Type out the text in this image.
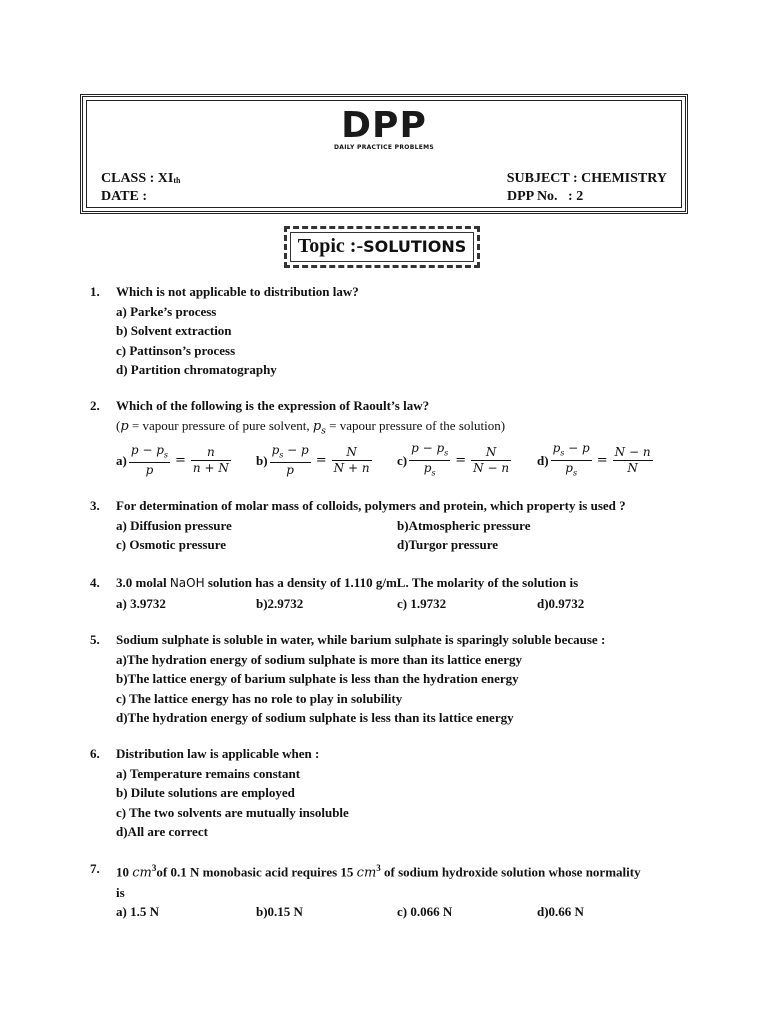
DPP
DAILY PRACTICE PROBLEMS
CLASS : $XI_{th}$
DATE :
SUBJECT : CHEMISTRY
DPP No.   : 2
Topic :-SOLUTIONS
1.	Which is not applicable to distribution law?
a) Parke’s process
b) Solvent extraction
c) Pattinson’s process
d) Partition chromatography
2.	Which of the following is the expression of Raoult’s law?
(p = vapour pressure of pure solvent, $p_s$ = vapour pressure of the solution)
$a) \frac{p - p_s}{p} = \frac{n}{n + N} b) \frac{p_s - p}{p} = \frac{N}{N + n} c) \frac{p - p_s}{p_s} = \frac{N}{N - n} d) \frac{p_s - p}{p_s} = \frac{N - n}{N}$
3.	For determination of molar mass of colloids, polymers and protein, which property is used ?
a) Diffusion pressure	b)Atmospheric pressure
c) Osmotic pressure	d)Turgor pressure
4.	3.0 molal NaOH solution has a density of 1.110 g/mL. The molarity of the solution is
a) 3.9732	b)2.9732	c) 1.9732	d)0.9732
5.	Sodium sulphate is soluble in water, while barium sulphate is sparingly soluble because :
a)The hydration energy of sodium sulphate is more than its lattice energy
b)The lattice energy of barium sulphate is less than the hydration energy
c) The lattice energy has no role to play in solubility
d)The hydration energy of sodium sulphate is less than its lattice energy
6.	Distribution law is applicable when :
a) Temperature remains constant
b) Dilute solutions are employed
c) The two solvents are mutually insoluble
d)All are correct
7.	10 $cm^3of$ 0.1 N monobasic acid requires 15 $cm^3$ of sodium hydroxide solution whose normality
is
a) 1.5 N	b)0.15 N	c) 0.066 N	d)0.66 N
